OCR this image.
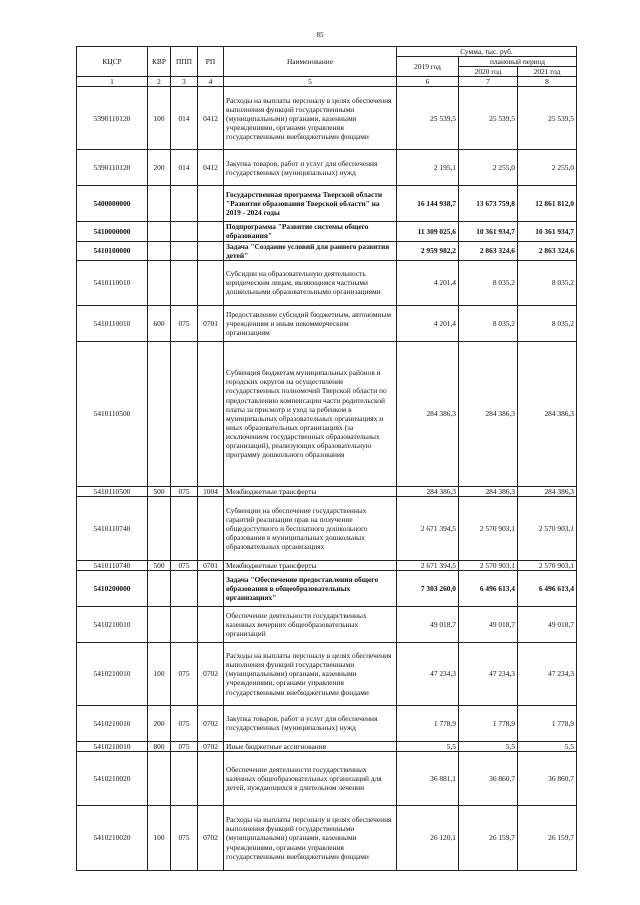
85
КЦСР	КВР	ППП	РП	Наименование	Сумма, тыс. руб.		
					2019 год	плановый период	
						2020 год	2021 год
1	2	3	4	5	6	7	8
5390110120	100	014	0412	Расходы на выплаты персоналу в целях обеспечения выполнения функций государственными (муниципальными) органами, казенными учреждениями, органами управления государственными внебюджетными фондами	25 539,5	25 539,5	25 539,5
5390110120	200	014	0412	Закупка товаров, работ и услуг для обеспечения государственных (муниципальных) нужд	2 195,1	2 255,0	2 255,0
5400000000				Государственная программа Тверской области "Развитие образования Тверской области" на 2019 - 2024 годы	16 144 938,7	13 673 759,8	12 861 812,0
5410000000				Подпрограмма "Развитие системы общего образования"	11 309 025,6	10 361 934,7	10 361 934,7
5410100000				Задача "Создание условий для раннего развития детей"	2 959 982,2	2 863 324,6	2 863 324,6
5410110010				Субсидии на образовательную деятельность юридическим лицам, являющимся частными дошкольными образовательными организациями	4 201,4	8 035,2	8 035,2
5410110010	600	075	0701	Предоставление субсидий бюджетным, автономным учреждениям и иным некоммерческим организациям	4 201,4	8 035,2	8 035,2
5410110500				Субвенция бюджетам муниципальных районов и городских округов на осуществление государственных полномочий Тверской области по предоставлению компенсации части родительской платы за присмотр и уход за ребенком в муниципальных образовательных организациях и иных образовательных организациях (за исключением государственных образовательных организаций), реализующих образовательную программу дошкольного образования	284 386,3	284 386,3	284 386,3
5410110500	500	075	1004	Межбюджетные трансферты	284 386,3	284 386,3	284 386,3
5410110740				Субвенции на обеспечение государственных гарантий реализации прав на получение общедоступного и бесплатного дошкольного образования в муниципальных дошкольных образовательных организациях	2 671 394,5	2 570 903,1	2 570 903,1
5410110740	500	075	0701	Межбюджетные трансферты	2 671 394,5	2 570 903,1	2 570 903,1
5410200000				Задача "Обеспечение предоставления общего образования в общеобразовательных организациях"	7 303 260,0	6 496 613,4	6 496 613,4
5410210010				Обеспечение деятельности государственных казенных вечерних общеобразовательных организаций	49 018,7	49 018,7	49 018,7
5410210010	100	075	0702	Расходы на выплаты персоналу в целях обеспечения выполнения функций государственными (муниципальными) органами, казенными учреждениями, органами управления государственными внебюджетными фондами	47 234,3	47 234,3	47 234,3
5410210010	200	075	0702	Закупка товаров, работ и услуг для обеспечения государственных (муниципальных) нужд	1 778,9	1 778,9	1 778,9
5410210010	800	075	0702	Иные бюджетные ассигнования	5,5	5,5	5,5
5410210020				Обеспечение деятельности государственных казенных общеобразовательных организаций для детей, нуждающихся в длительном лечении	36 881,1	36 860,7	36 860,7
5410210020	100	075	0702	Расходы на выплаты персоналу в целях обеспечения выполнения функций государственными (муниципальными) органами, казенными учреждениями, органами управления государственными внебюджетными фондами	26 120,1	26 159,7	26 159,7
